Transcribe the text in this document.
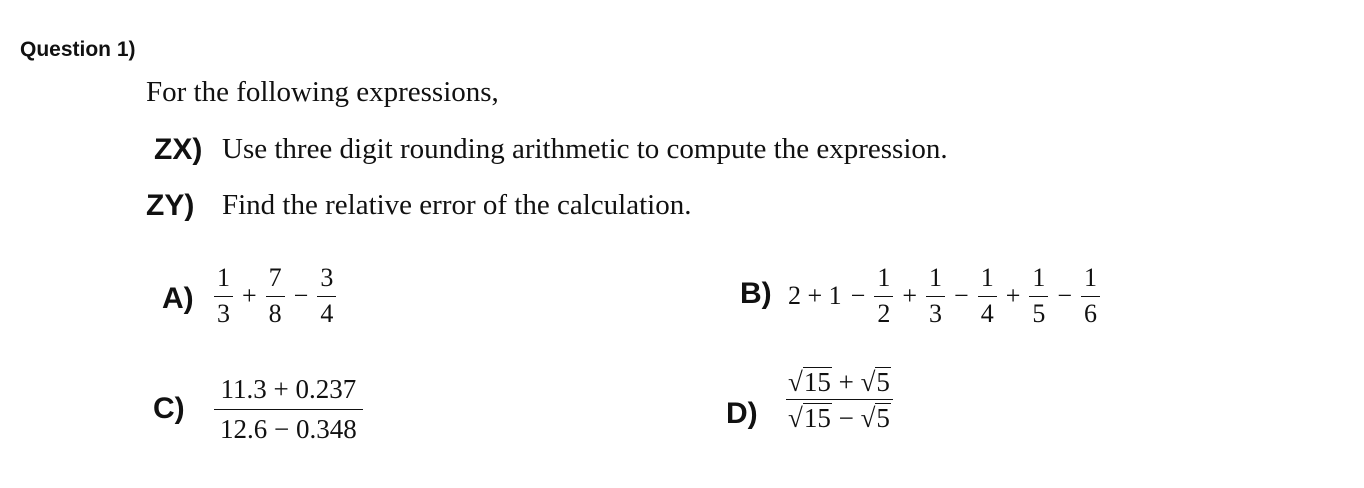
Question 1)
For the following expressions,
ZX) Use three digit rounding arithmetic to compute the expression.
ZY) Find the relative error of the calculation.
$A) \frac{1}{3} + \frac{7}{8} - \frac{3}{4}$	B) $2 + 1 - \frac{1}{2} + \frac{1}{3} - \frac{1}{4} + \frac{1}{5} - \frac{1}{6}$
$C) \frac{11.3 + 0.237}{12.6 - 0.348}$	$D) \frac{√ 15 + √ 5}{√ 15 - √ 5}$
